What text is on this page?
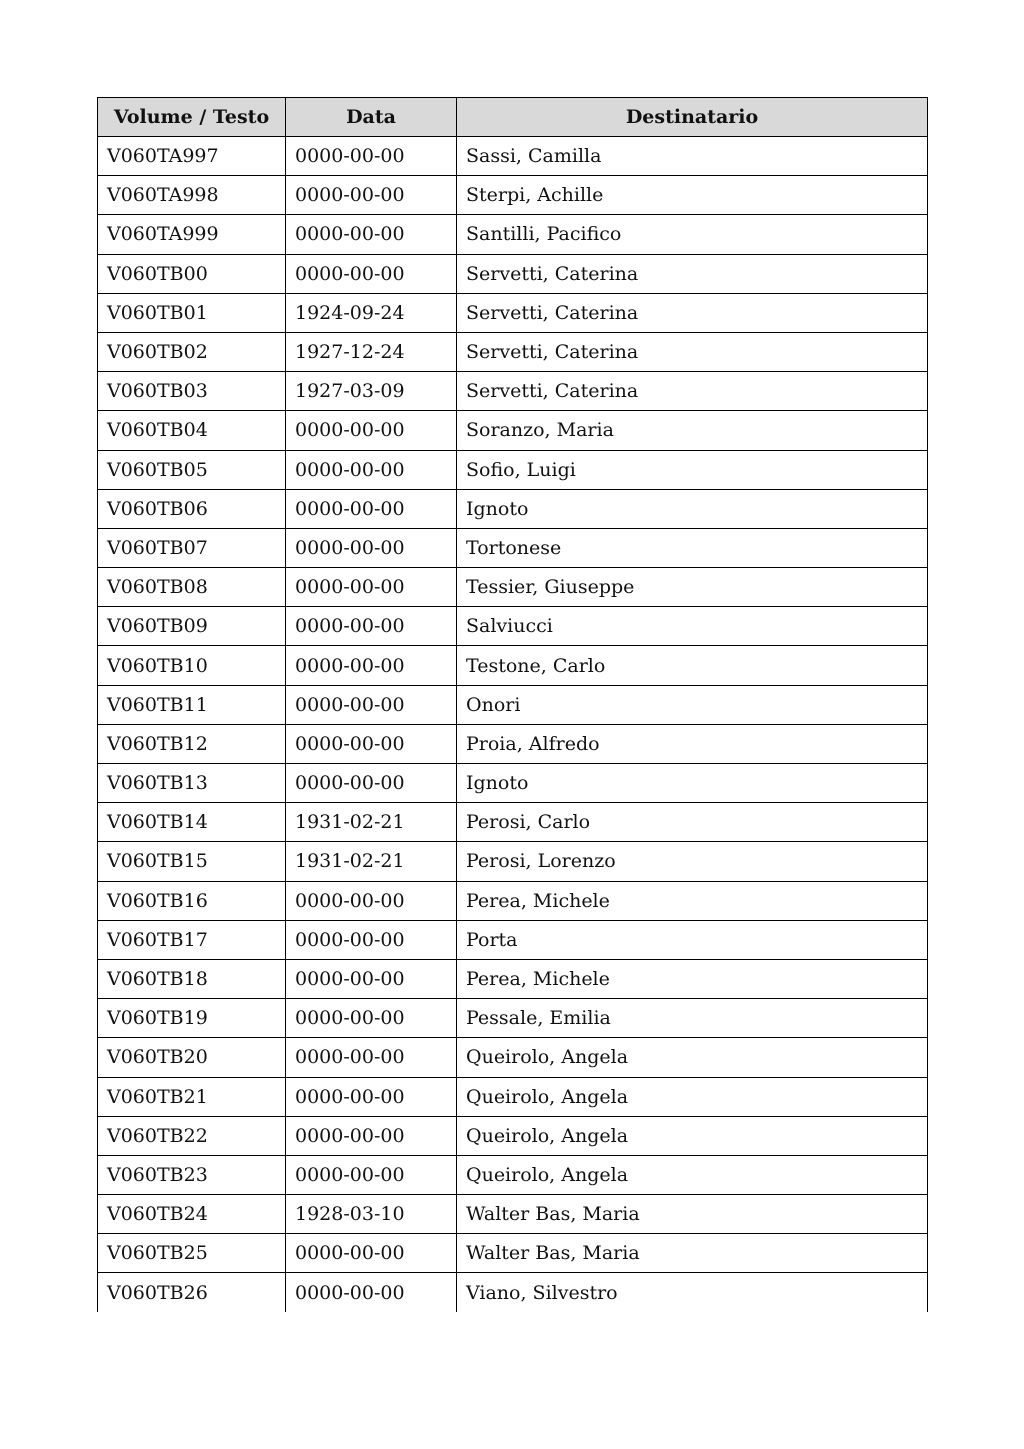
Volume / Testo	Data	Destinatario
V060TA997	0000-00-00	Sassi, Camilla
V060TA998	0000-00-00	Sterpi, Achille
V060TA999	0000-00-00	Santilli, Pacifico
V060TB00	0000-00-00	Servetti, Caterina
V060TB01	1924-09-24	Servetti, Caterina
V060TB02	1927-12-24	Servetti, Caterina
V060TB03	1927-03-09	Servetti, Caterina
V060TB04	0000-00-00	Soranzo, Maria
V060TB05	0000-00-00	Sofio, Luigi
V060TB06	0000-00-00	Ignoto
V060TB07	0000-00-00	Tortonese
V060TB08	0000-00-00	Tessier, Giuseppe
V060TB09	0000-00-00	Salviucci
V060TB10	0000-00-00	Testone, Carlo
V060TB11	0000-00-00	Onori
V060TB12	0000-00-00	Proia, Alfredo
V060TB13	0000-00-00	Ignoto
V060TB14	1931-02-21	Perosi, Carlo
V060TB15	1931-02-21	Perosi, Lorenzo
V060TB16	0000-00-00	Perea, Michele
V060TB17	0000-00-00	Porta
V060TB18	0000-00-00	Perea, Michele
V060TB19	0000-00-00	Pessale, Emilia
V060TB20	0000-00-00	Queirolo, Angela
V060TB21	0000-00-00	Queirolo, Angela
V060TB22	0000-00-00	Queirolo, Angela
V060TB23	0000-00-00	Queirolo, Angela
V060TB24	1928-03-10	Walter Bas, Maria
V060TB25	0000-00-00	Walter Bas, Maria
V060TB26	0000-00-00	Viano, Silvestro
